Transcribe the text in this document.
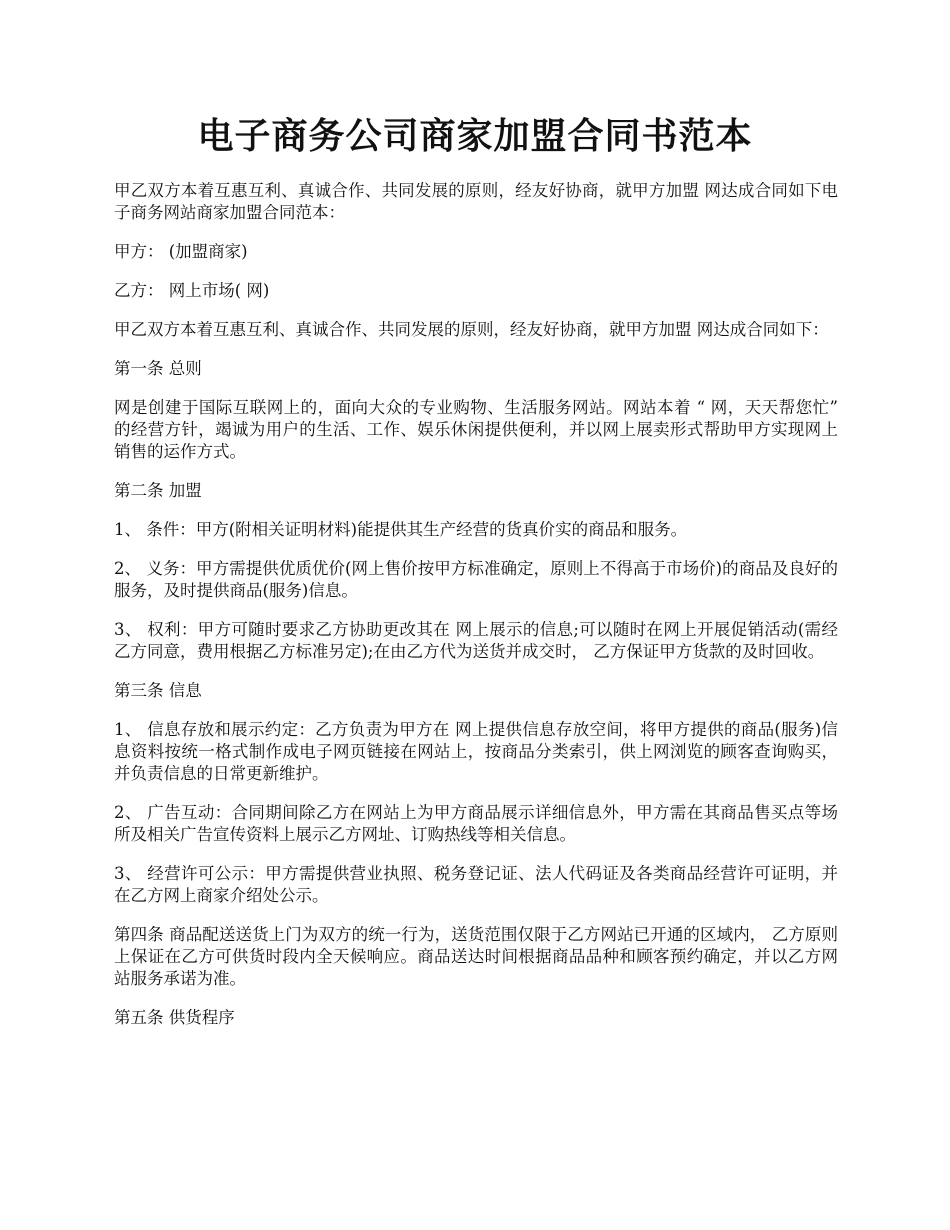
电子商务公司商家加盟合同书范本

甲乙双方本着互惠互利、真诚合作、共同发展的原则，经友好协商，就甲方加盟 网达成合同如下电子商务网站商家加盟合同范本：

甲方： (加盟商家)

乙方： 网上市场( 网)

甲乙双方本着互惠互利、真诚合作、共同发展的原则，经友好协商，就甲方加盟 网达成合同如下：

第一条 总则

网是创建于国际互联网上的，面向大众的专业购物、生活服务网站。网站本着 “ 网，天天帮您忙” 的经营方针，竭诚为用户的生活、工作、娱乐休闲提供便利，并以网上展卖形式帮助甲方实现网上销售的运作方式。

第二条 加盟

1、 条件：甲方(附相关证明材料)能提供其生产经营的货真价实的商品和服务。

2、 义务：甲方需提供优质优价(网上售价按甲方标准确定，原则上不得高于市场价)的商品及良好的服务，及时提供商品(服务)信息。

3、 权利：甲方可随时要求乙方协助更改其在 网上展示的信息;可以随时在网上开展促销活动(需经乙方同意，费用根据乙方标准另定);在由乙方代为送货并成交时， 乙方保证甲方货款的及时回收。

第三条 信息

1、 信息存放和展示约定：乙方负责为甲方在 网上提供信息存放空间，将甲方提供的商品(服务)信息资料按统一格式制作成电子网页链接在网站上，按商品分类索引，供上网浏览的顾客查询购买，并负责信息的日常更新维护。

2、 广告互动：合同期间除乙方在网站上为甲方商品展示详细信息外，甲方需在其商品售买点等场所及相关广告宣传资料上展示乙方网址、订购热线等相关信息。

3、 经营许可公示：甲方需提供营业执照、税务登记证、法人代码证及各类商品经营许可证明，并在乙方网上商家介绍处公示。

第四条 商品配送送货上门为双方的统一行为，送货范围仅限于乙方网站已开通的区域内， 乙方原则上保证在乙方可供货时段内全天候响应。商品送达时间根据商品品种和顾客预约确定，并以乙方网站服务承诺为准。

第五条 供货程序
